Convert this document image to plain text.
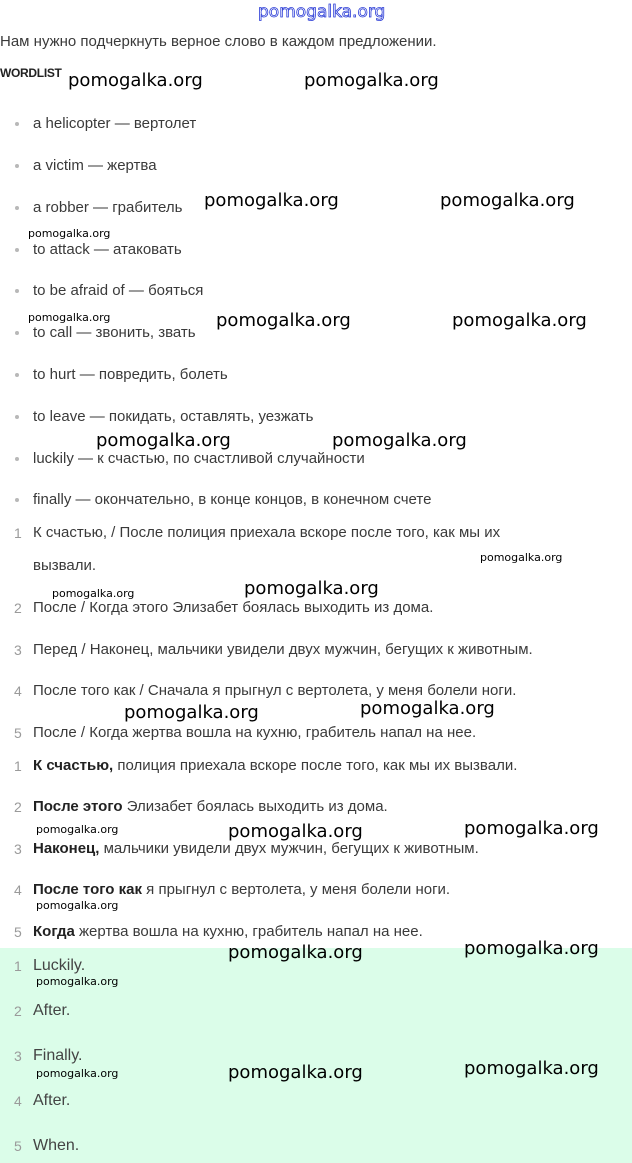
pomogalka.org
Нам нужно подчеркнуть верное слово в каждом предложении.
WORDLIST
a helicopter — вертолет
a victim — жертва
a robber — грабитель
to attack — атаковать
to be afraid of — бояться
to call — звонить, звать
to hurt — повредить, болеть
to leave — покидать, оставлять, уезжать
luckily — к счастью, по счастливой случайности
finally — окончательно, в конце концов, в конечном счете
1 К счастью, / После полиция приехала вскоре после того, как мы их
вызвали.
2 После / Когда этого Элизабет боялась выходить из дома.
3 Перед / Наконец, мальчики увидели двух мужчин, бегущих к животным.
4 После того как / Сначала я прыгнул с вертолета, у меня болели ноги.
5 После / Когда жертва вошла на кухню, грабитель напал на нее.
1 К счастью, полиция приехала вскоре после того, как мы их вызвали.
2 После этого Элизабет боялась выходить из дома.
3 Наконец, мальчики увидели двух мужчин, бегущих к животным.
4 После того как я прыгнул с вертолета, у меня болели ноги.
5 Когда жертва вошла на кухню, грабитель напал на нее.
1 Luckily.
2 After.
3 Finally.
4 After.
5 When.
pomogalka.org	pomogalka.org
pomogalka.org	pomogalka.org
pomogalka.org	pomogalka.org
pomogalka.org	pomogalka.org
pomogalka.org
pomogalka.org	pomogalka.org
pomogalka.org	pomogalka.org
pomogalka.org	pomogalka.org
pomogalka.org	pomogalka.org
pomogalka.org
pomogalka.org
pomogalka.org
pomogalka.org
pomogalka.org
pomogalka.org
pomogalka.org
pomogalka.org
